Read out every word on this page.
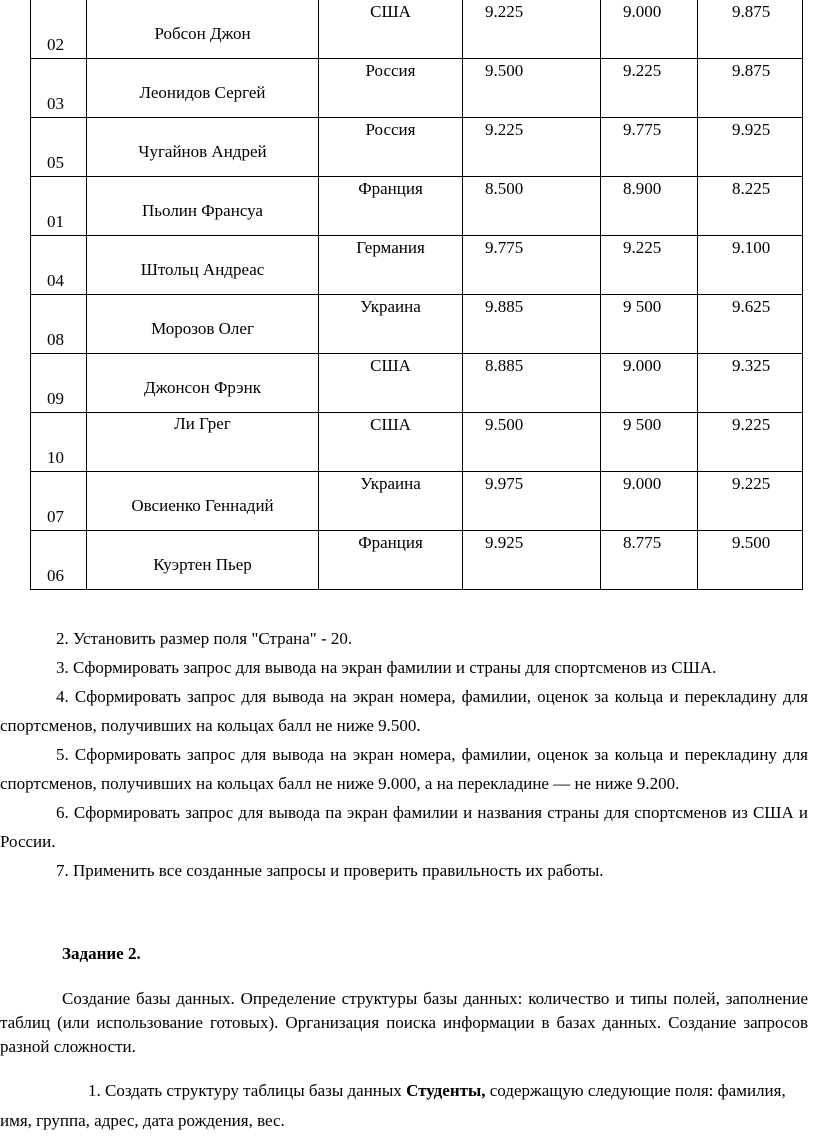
02	Робсон Джон	США	9.225	9.000	9.875

03	Леонидов Сергей	Россия	9.500	9.225	9.875

05	Чугайнов Андрей	Россия	9.225	9.775	9.925

01	Пьолин Франсуа	Франция	8.500	8.900	8.225

04	Штольц Андреас	Германия	9.775	9.225	9.100

08	Морозов Олег	Украина	9.885	9 500	9.625

09	Джонсон Фрэнк	США	8.885	9.000	9.325

10	Ли Грег	США	9.500	9 500	9.225

07	Овсиенко Геннадий	Украина	9.975	9.000	9.225

06	Куэртен Пьер	Франция	9.925	8.775	9.500

2. Установить размер поля "Страна" - 20.

3. Сформировать запрос для вывода на экран фамилии и страны для спортсменов из США.

4. Сформировать запрос для вывода на экран номера, фамилии, оценок за кольца и перекладину для спортсменов, получивших на кольцах балл не ниже 9.500.

5. Сформировать запрос для вывода на экран номера, фамилии, оценок за кольца и перекладину для спортсменов, получивших на кольцах балл не ниже 9.000, а на перекладине — не ниже 9.200.

6. Сформировать запрос для вывода па экран фамилии и названия страны для спортсменов из США и России.

7. Применить все созданные запросы и проверить правильность их работы.

Задание 2.

Создание базы данных. Определение структуры базы данных: количество и типы полей, заполнение таблиц (или использование готовых). Организация поиска информации в базах данных. Создание запросов разной сложности.

1. Создать структуру таблицы базы данных Студенты, содержащую следующие поля: фамилия, имя, группа, адрес, дата рождения, вес.
